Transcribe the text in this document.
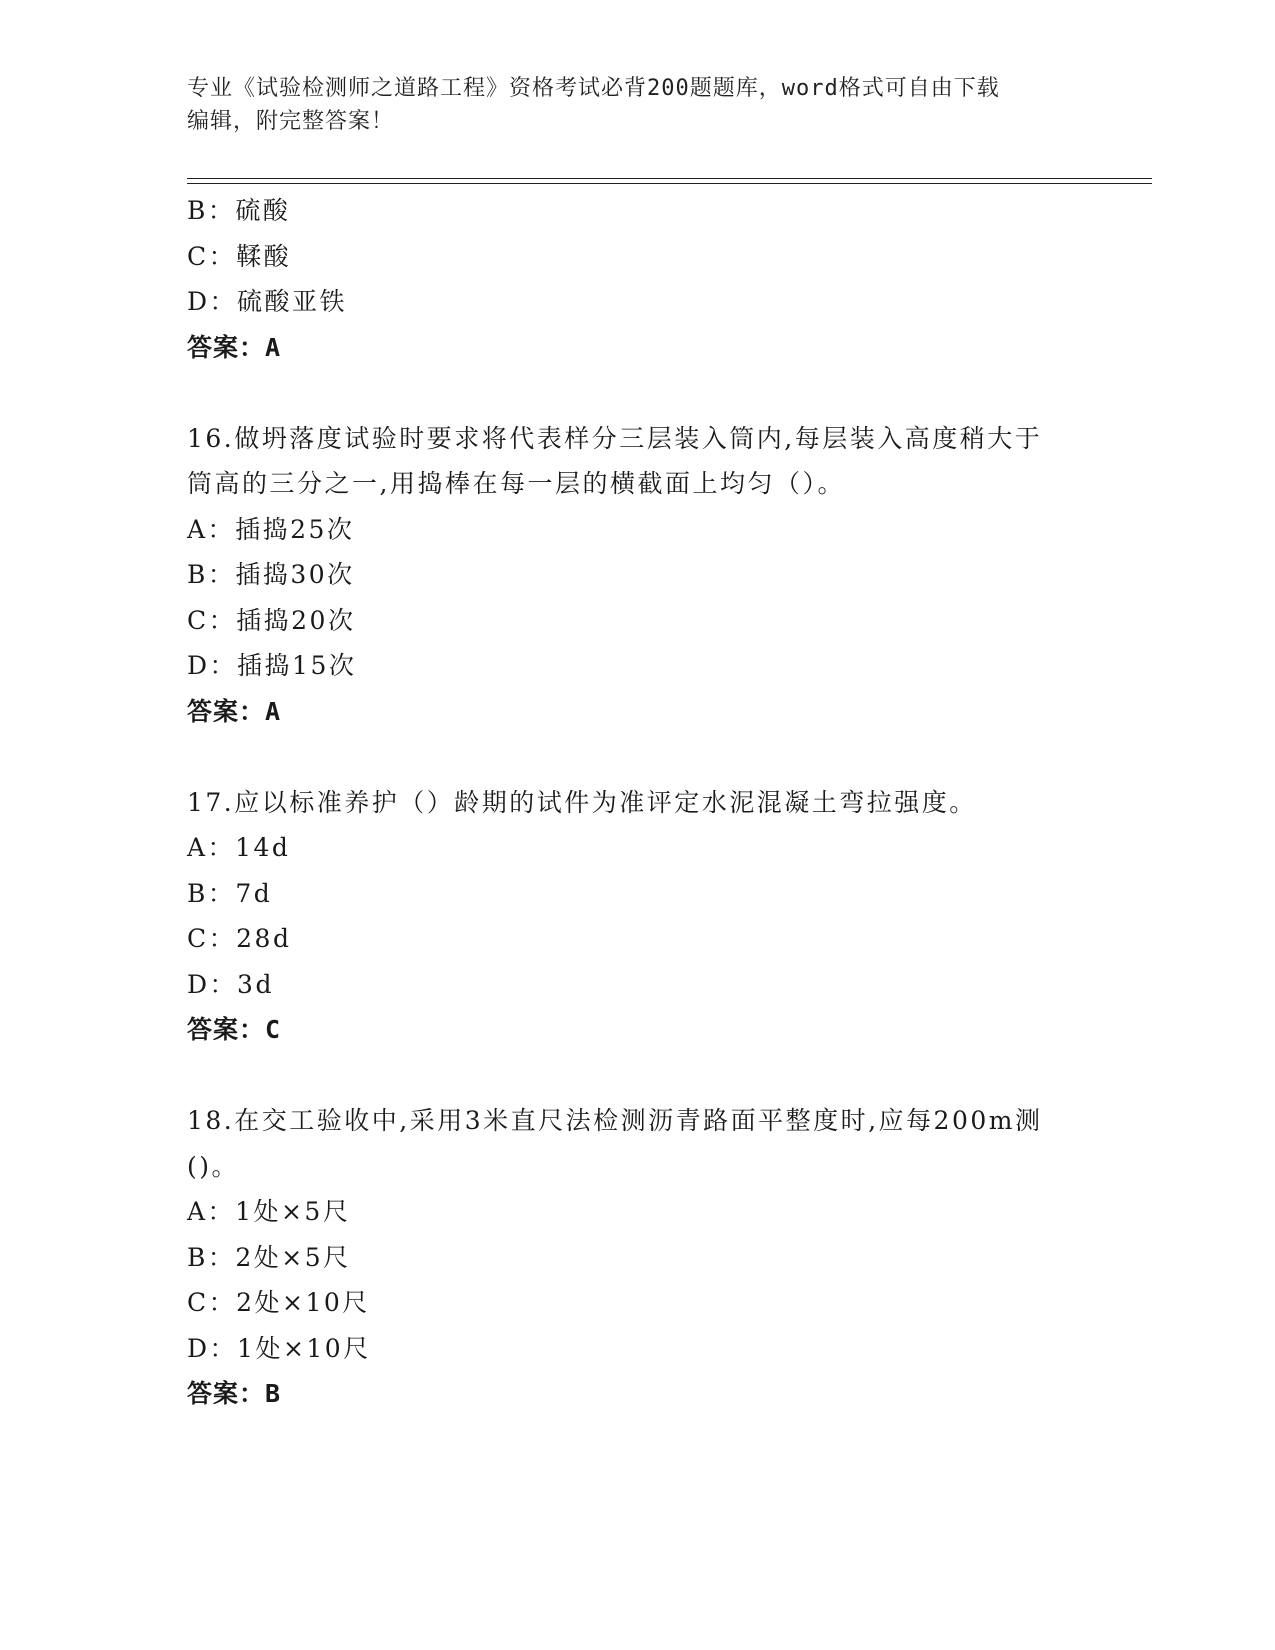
专业《试验检测师之道路工程》资格考试必背200题题库，word格式可自由下载
编辑，附完整答案！
B：硫酸
C：鞣酸
D：硫酸亚铁
答案：A
16.做坍落度试验时要求将代表样分三层装入筒内,每层装入高度稍大于筒高的三分之一,用捣棒在每一层的横截面上均匀（）。
A：插捣25次
B：插捣30次
C：插捣20次
D：插捣15次
答案：A
17.应以标准养护（）龄期的试件为准评定水泥混凝土弯拉强度。
A：14d
B：7d
C：28d
D：3d
答案：C
18.在交工验收中,采用3米直尺法检测沥青路面平整度时,应每200m测()。
A：1处×5尺
B：2处×5尺
C：2处×10尺
D：1处×10尺
答案：B
